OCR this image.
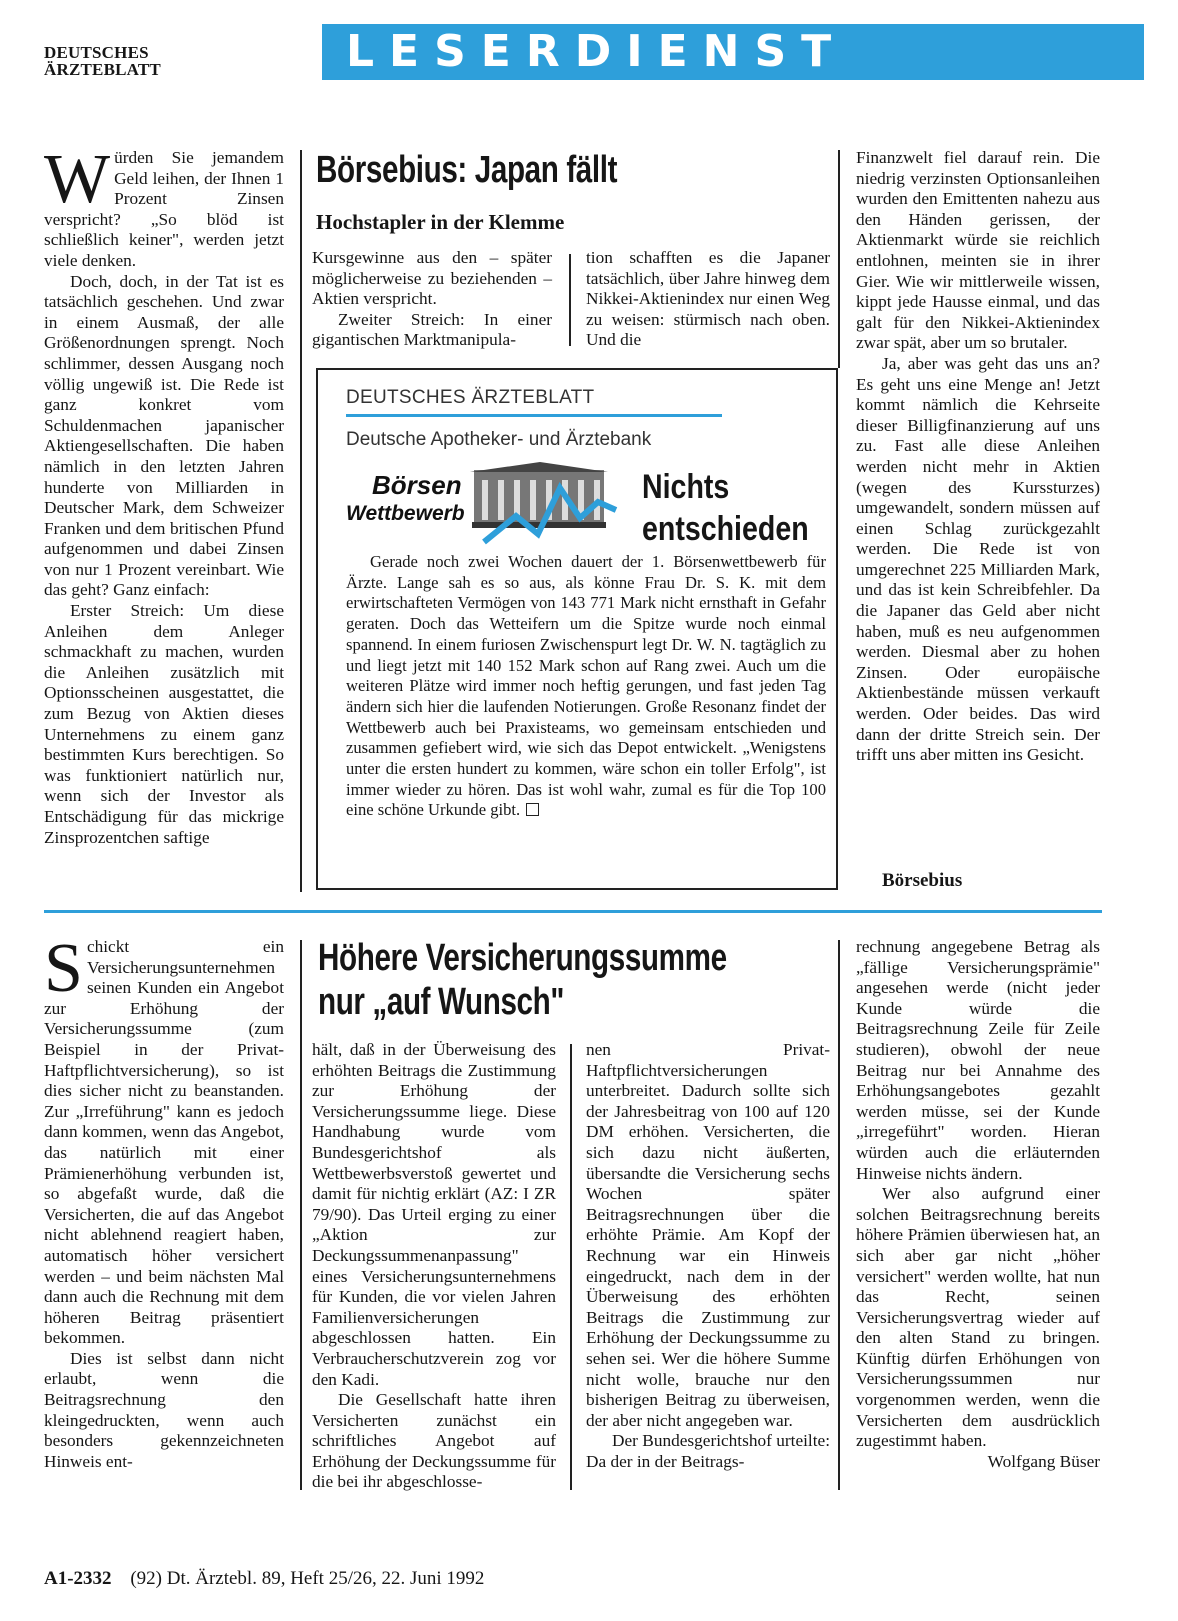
DEUTSCHES
ÄRZTEBLATT	LESERDIENST

Würden Sie jemandem Geld leihen, der Ihnen 1 Prozent Zinsen verspricht? „So blöd ist schließlich keiner", werden jetzt viele denken.

Doch, doch, in der Tat ist es tatsächlich geschehen. Und zwar in einem Ausmaß, der alle Größenordnungen sprengt. Noch schlimmer, dessen Ausgang noch völlig ungewiß ist. Die Rede ist ganz konkret vom Schuldenmachen japanischer Aktiengesellschaften. Die haben nämlich in den letzten Jahren hunderte von Milliarden in Deutscher Mark, dem Schweizer Franken und dem britischen Pfund aufgenommen und dabei Zinsen von nur 1 Prozent vereinbart. Wie das geht? Ganz einfach:

Erster Streich: Um diese Anleihen dem Anleger schmackhaft zu machen, wurden die Anleihen zusätzlich mit Optionsscheinen ausgestattet, die zum Bezug von Aktien dieses Unternehmens zu einem ganz bestimmten Kurs berechtigen. So was funktioniert natürlich nur, wenn sich der Investor als Entschädigung für das mickrige Zinsprozentchen saftige

Börsebius: Japan fällt
Hochstapler in der Klemme

Kursgewinne aus den – später möglicherweise zu beziehenden – Aktien verspricht.

Zweiter Streich: In einer gigantischen Marktmanipula-

tion schafften es die Japaner tatsächlich, über Jahre hinweg dem Nikkei-Aktienindex nur einen Weg zu weisen: stürmisch nach oben. Und die

DEUTSCHES ÄRZTEBLATT
Deutsche Apotheker- und Ärztebank
Börsen
Wettbewerb
Nichts
entschieden

Gerade noch zwei Wochen dauert der 1. Börsenwettbewerb für Ärzte. Lange sah es so aus, als könne Frau Dr. S. K. mit dem erwirtschafteten Vermögen von 143 771 Mark nicht ernsthaft in Gefahr geraten. Doch das Wetteifern um die Spitze wurde noch einmal spannend. In einem furiosen Zwischenspurt legt Dr. W. N. tagtäglich zu und liegt jetzt mit 140 152 Mark schon auf Rang zwei. Auch um die weiteren Plätze wird immer noch heftig gerungen, und fast jeden Tag ändern sich hier die laufenden Notierungen. Große Resonanz findet der Wettbewerb auch bei Praxisteams, wo gemeinsam entschieden und zusammen gefiebert wird, wie sich das Depot entwickelt. „Wenigstens unter die ersten hundert zu kommen, wäre schon ein toller Erfolg", ist immer wieder zu hören. Das ist wohl wahr, zumal es für die Top 100 eine schöne Urkunde gibt.

Finanzwelt fiel darauf rein. Die niedrig verzinsten Optionsanleihen wurden den Emittenten nahezu aus den Händen gerissen, der Aktienmarkt würde sie reichlich entlohnen, meinten sie in ihrer Gier. Wie wir mittlerweile wissen, kippt jede Hausse einmal, und das galt für den Nikkei-Aktienindex zwar spät, aber um so brutaler.

Ja, aber was geht das uns an? Es geht uns eine Menge an! Jetzt kommt nämlich die Kehrseite dieser Billigfinanzierung auf uns zu. Fast alle diese Anleihen werden nicht mehr in Aktien (wegen des Kurssturzes) umgewandelt, sondern müssen auf einen Schlag zurückgezahlt werden. Die Rede ist von umgerechnet 225 Milliarden Mark, und das ist kein Schreibfehler. Da die Japaner das Geld aber nicht haben, muß es neu aufgenommen werden. Diesmal aber zu hohen Zinsen. Oder europäische Aktienbestände müssen verkauft werden. Oder beides. Das wird dann der dritte Streich sein. Der trifft uns aber mitten ins Gesicht.

Börsebius

Schickt ein Versicherungsunternehmen seinen Kunden ein Angebot zur Erhöhung der Versicherungssumme (zum Beispiel in der Privat-Haftpflichtversicherung), so ist dies sicher nicht zu beanstanden. Zur „Irreführung" kann es jedoch dann kommen, wenn das Angebot, das natürlich mit einer Prämienerhöhung verbunden ist, so abgefaßt wurde, daß die Versicherten, die auf das Angebot nicht ablehnend reagiert haben, automatisch höher versichert werden – und beim nächsten Mal dann auch die Rechnung mit dem höheren Beitrag präsentiert bekommen.

Dies ist selbst dann nicht erlaubt, wenn die Beitragsrechnung den kleingedruckten, wenn auch besonders gekennzeichneten Hinweis ent-

Höhere Versicherungssumme
nur „auf Wunsch"

hält, daß in der Überweisung des erhöhten Beitrags die Zustimmung zur Erhöhung der Versicherungssumme liege. Diese Handhabung wurde vom Bundesgerichtshof als Wettbewerbsverstoß gewertet und damit für nichtig erklärt (AZ: I ZR 79/90). Das Urteil erging zu einer „Aktion zur Deckungssummenanpassung" eines Versicherungsunternehmens für Kunden, die vor vielen Jahren Familienversicherungen abgeschlossen hatten. Ein Verbraucherschutzverein zog vor den Kadi.

Die Gesellschaft hatte ihren Versicherten zunächst ein schriftliches Angebot auf Erhöhung der Deckungssumme für die bei ihr abgeschlosse-

nen Privat-Haftpflichtversicherungen unterbreitet. Dadurch sollte sich der Jahresbeitrag von 100 auf 120 DM erhöhen. Versicherten, die sich dazu nicht äußerten, übersandte die Versicherung sechs Wochen später Beitragsrechnungen über die erhöhte Prämie. Am Kopf der Rechnung war ein Hinweis eingedruckt, nach dem in der Überweisung des erhöhten Beitrags die Zustimmung zur Erhöhung der Deckungssumme zu sehen sei. Wer die höhere Summe nicht wolle, brauche nur den bisherigen Beitrag zu überweisen, der aber nicht angegeben war.

Der Bundesgerichtshof urteilte: Da der in der Beitrags-

rechnung angegebene Betrag als „fällige Versicherungsprämie" angesehen werde (nicht jeder Kunde würde die Beitragsrechnung Zeile für Zeile studieren), obwohl der neue Beitrag nur bei Annahme des Erhöhungsangebotes gezahlt werden müsse, sei der Kunde „irregeführt" worden. Hieran würden auch die erläuternden Hinweise nichts ändern.

Wer also aufgrund einer solchen Beitragsrechnung bereits höhere Prämien überwiesen hat, an sich aber gar nicht „höher versichert" werden wollte, hat nun das Recht, seinen Versicherungsvertrag wieder auf den alten Stand zu bringen. Künftig dürfen Erhöhungen von Versicherungssummen nur vorgenommen werden, wenn die Versicherten dem ausdrücklich zugestimmt haben.

Wolfgang Büser

A1-2332 (92) Dt. Ärztebl. 89, Heft 25/26, 22. Juni 1992
